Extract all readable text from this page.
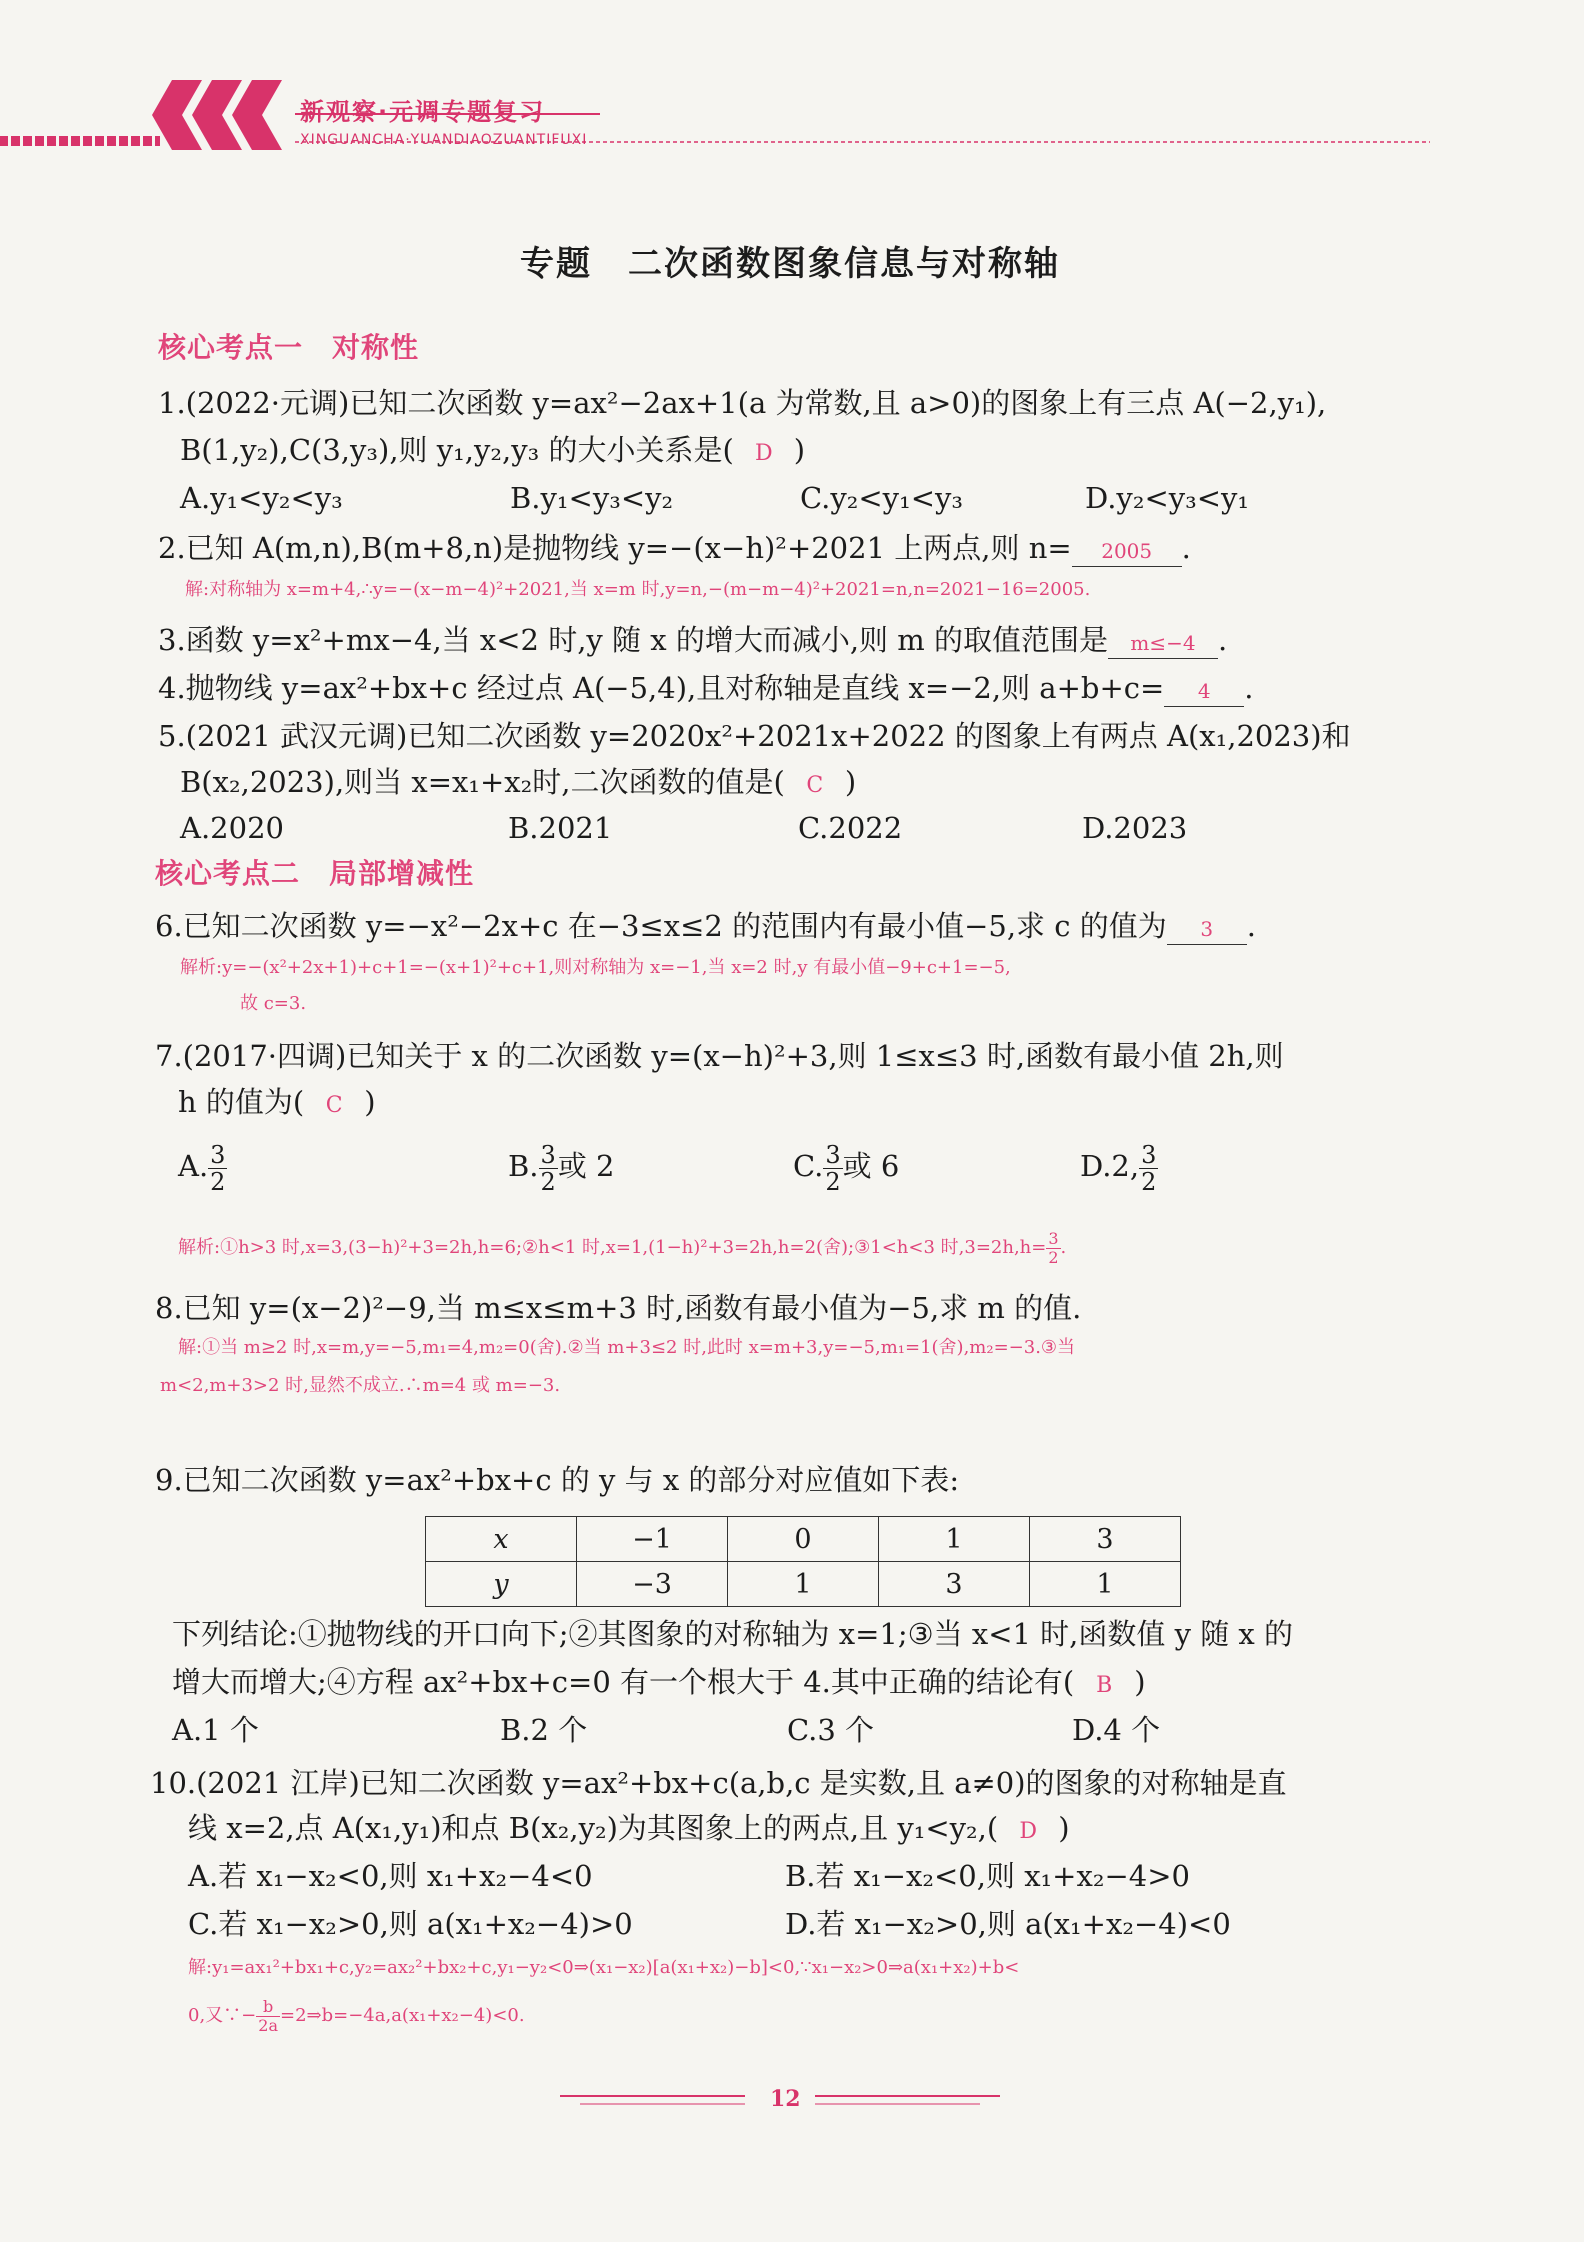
新观察·元调专题复习
XINGUANCHA·YUANDIAOZUANTIFUXI
专题　二次函数图象信息与对称轴
核心考点一　对称性
1.(2022·元调)已知二次函数 y=ax²−2ax+1(a 为常数,且 a>0)的图象上有三点 A(−2,y₁),
B(1,y₂),C(3,y₃),则 y₁,y₂,y₃ 的大小关系是( D )
A.y₁<y₂<y₃	B.y₁<y₃<y₂	C.y₂<y₁<y₃	D.y₂<y₃<y₁
2.已知 A(m,n),B(m+8,n)是抛物线 y=−(x−h)²+2021 上两点,则 n= 2005 .
解:对称轴为 x=m+4,∴y=−(x−m−4)²+2021,当 x=m 时,y=n,−(m−m−4)²+2021=n,n=2021−16=2005.
3.函数 y=x²+mx−4,当 x<2 时,y 随 x 的增大而减小,则 m 的取值范围是 m≤−4 .
4.抛物线 y=ax²+bx+c 经过点 A(−5,4),且对称轴是直线 x=−2,则 a+b+c= 4 .
5.(2021 武汉元调)已知二次函数 y=2020x²+2021x+2022 的图象上有两点 A(x₁,2023)和
B(x₂,2023),则当 x=x₁+x₂时,二次函数的值是( C )
A.2020	B.2021	C.2022	D.2023
核心考点二　局部增减性
6.已知二次函数 y=−x²−2x+c 在−3≤x≤2 的范围内有最小值−5,求 c 的值为 3 .
解析:y=−(x²+2x+1)+c+1=−(x+1)²+c+1,则对称轴为 x=−1,当 x=2 时,y 有最小值−9+c+1=−5,
故 c=3.
7.(2017·四调)已知关于 x 的二次函数 y=(x−h)²+3,则 1≤x≤3 时,函数有最小值 2h,则
h 的值为( C )
A. $\frac{3}{2}$	B. $\frac{3}{2}$ 或 2	C. $\frac{3}{2}$ 或 6	D.2, $\frac{3}{2}$
解析:①h>3 时,x=3,(3−h)²+3=2h,h=6;②h<1 时,x=1,(1−h)²+3=2h,h=2(舍);③1<h<3 时$,3=2h,h= \frac{3}{2}$ .
8.已知 y=(x−2)²−9,当 m≤x≤m+3 时,函数有最小值为−5,求 m 的值.
解:①当 m≥2 时,x=m,y=−5,m₁=4,m₂=0(舍).②当 m+3≤2 时,此时 x=m+3,y=−5,m₁=1(舍),m₂=−3.③当
m<2,m+3>2 时,显然不成立.∴m=4 或 m=−3.
9.已知二次函数 y=ax²+bx+c 的 y 与 x 的部分对应值如下表:
x	−1	0	1	3
y	−3	1	3	1
下列结论:①抛物线的开口向下;②其图象的对称轴为 x=1;③当 x<1 时,函数值 y 随 x 的
增大而增大;④方程 ax²+bx+c=0 有一个根大于 4.其中正确的结论有( B )
A.1 个	B.2 个	C.3 个	D.4 个
10.(2021 江岸)已知二次函数 y=ax²+bx+c(a,b,c 是实数,且 a≠0)的图象的对称轴是直
线 x=2,点 A(x₁,y₁)和点 B(x₂,y₂)为其图象上的两点,且 y₁<y₂,( D )
A.若 x₁−x₂<0,则 x₁+x₂−4<0	B.若 x₁−x₂<0,则 x₁+x₂−4>0
C.若 x₁−x₂>0,则 a(x₁+x₂−4)>0	D.若 x₁−x₂>0,则 a(x₁+x₂−4)<0
解:y₁=ax₁²+bx₁+c,y₂=ax₂²+bx₂+c,y₁−y₂<0⇒(x₁−x₂)[a(x₁+x₂)−b]<0,∵x₁−x₂>0⇒a(x₁+x₂)+b<
0,又∵− $\frac{b}{2a}$ =2⇒b=−4a,a(x₁+x₂−4)<0.
12
